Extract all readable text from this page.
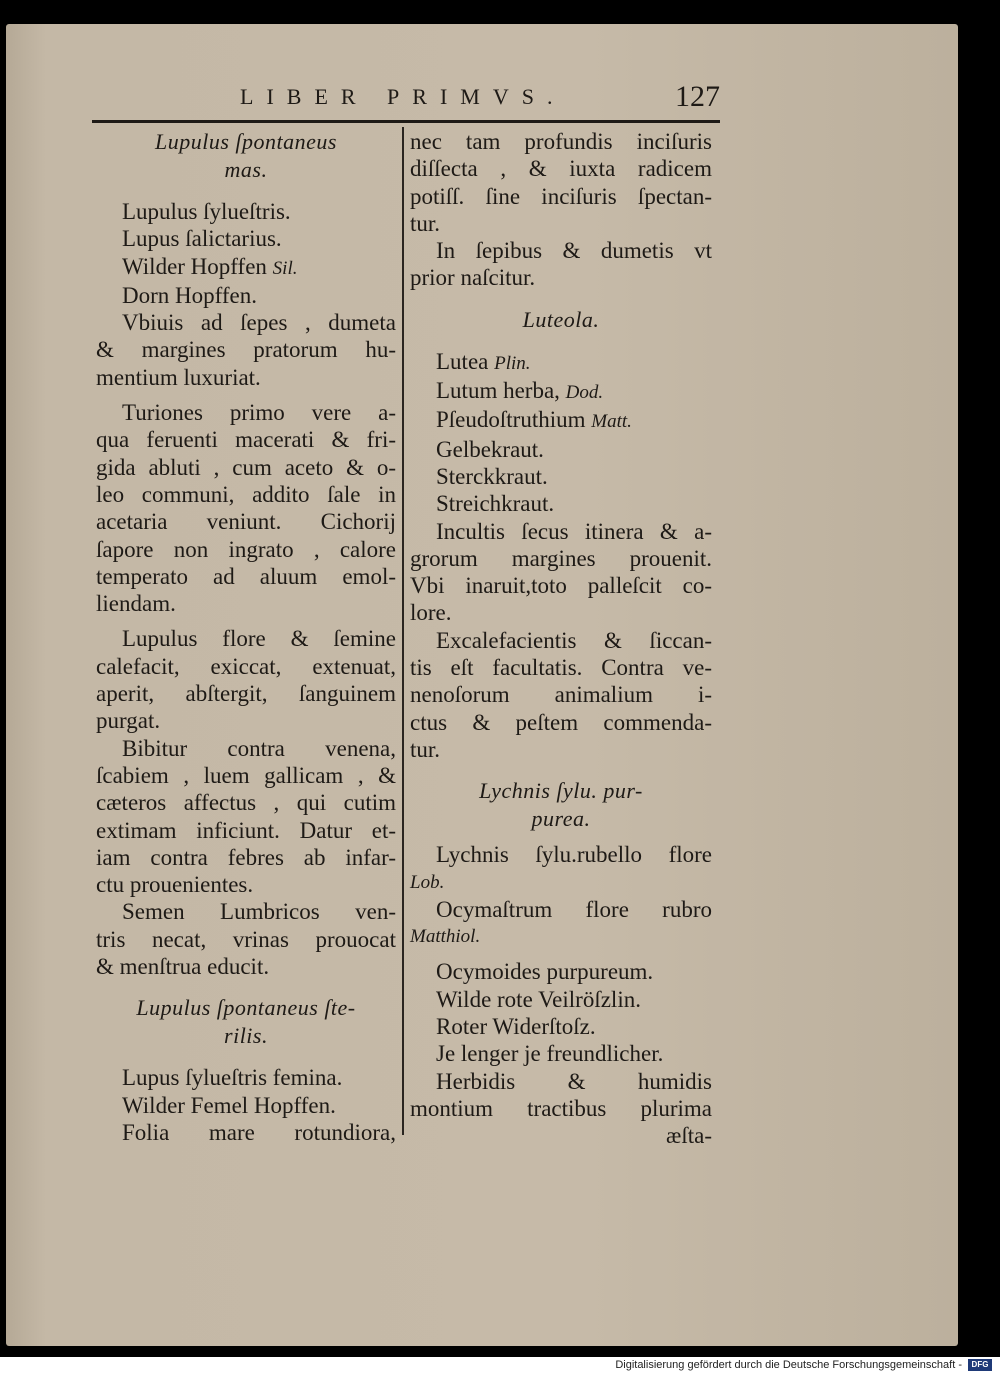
LIBER PRIMVS.	127
Lupulus ſpontaneus
mas.
Lupulus ſylueſtris.
Lupus ſalictarius.
Wilder Hopffen Sil.
Dorn Hopffen.
Vbiuis ad ſepes , dumeta
& margines pratorum hu-
mentium luxuriat.
Turiones primo vere a-
qua feruenti macerati & fri-
gida abluti , cum aceto & o-
leo communi, addito ſale in
acetaria veniunt. Cichorij
ſapore non ingrato , calore
temperato ad aluum emol-
liendam.
Lupulus flore & ſemine
calefacit, exiccat, extenuat,
aperit, abſtergit, ſanguinem
purgat.
Bibitur contra venena,
ſcabiem , luem gallicam , &
cæteros affectus , qui cutim
extimam inficiunt. Datur et-
iam contra febres ab infar-
ctu prouenientes.
Semen Lumbricos ven-
tris necat, vrinas prouocat
& menſtrua educit.
Lupulus ſpontaneus ſte-
rilis.
Lupus ſylueſtris femina.
Wilder Femel Hopffen.
Folia mare rotundiora,
nec tam profundis inciſuris
diſſecta , & iuxta radicem
potiſſ. ſine inciſuris ſpectan-
tur.
In ſepibus & dumetis vt
prior naſcitur.
Luteola.
Lutea Plin.
Lutum herba, Dod.
Pſeudoſtruthium Matt.
Gelbekraut.
Sterckkraut.
Streichkraut.
Incultis ſecus itinera & a-
grorum margines prouenit.
Vbi inaruit,toto palleſcit co-
lore.
Excalefacientis & ſiccan-
tis eſt facultatis. Contra ve-
nenoſorum animalium i-
ctus & peſtem commenda-
tur.
Lychnis ſylu. pur-
purea.
Lychnis ſylu.rubello flore
Lob.
Ocymaſtrum flore rubro
Matthiol.
Ocymoides purpureum.
Wilde rote Veilröſzlin.
Roter Widerſtoſz.
Je lenger je freundlicher.
Herbidis & humidis
montium tractibus plurima
æſta-
Digitalisierung gefördert durch die Deutsche Forschungsgemeinschaft - DFG
